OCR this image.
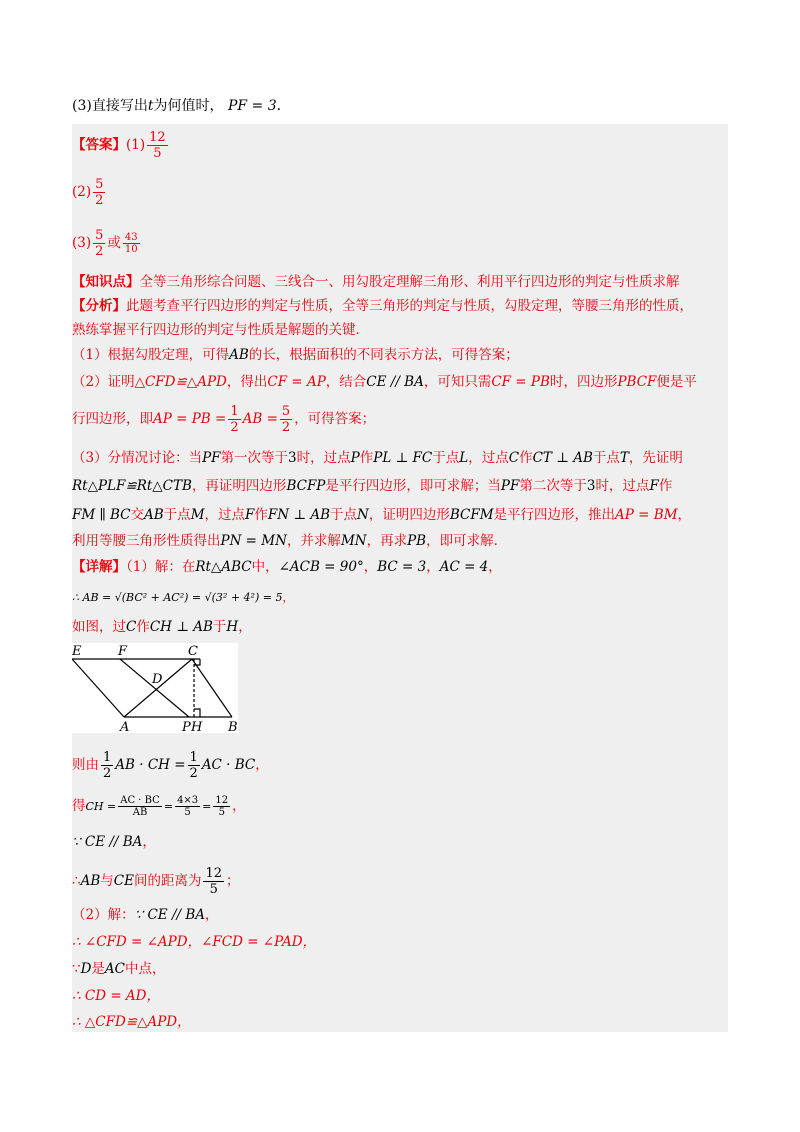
(3)直接写出t为何值时， PF = 3．
【答案】$(1) \frac{12}{5}$
$(2) \frac{5}{2}$
$(3) \frac{5}{2}$ 或 $\frac{43}{10}$
【知识点】全等三角形综合问题、三线合一、用勾股定理解三角形、利用平行四边形的判定与性质求解
【分析】此题考查平行四边形的判定与性质，全等三角形的判定与性质，勾股定理，等腰三角形的性质，
熟练掌握平行四边形的判定与性质是解题的关键．
（1）根据勾股定理，可得AB的长，根据面积的不同表示方法，可得答案；
（2）证明△CFD≌△APD，得出CF = AP，结合CE // BA，可知只需CF = PB时，四边形PBCF便是平
行四边形，即AP = PB = $\frac{1}{2}$ AB = $\frac{5}{2}$ ，可得答案；
（3）分情况讨论：当PF第一次等于3时，过点P作PL ⊥ FC于点L，过点C作CT ⊥ AB于点T，先证明
Rt△PLF≌Rt△CTB，再证明四边形BCFP是平行四边形，即可求解；当PF第二次等于3时，过点F作
FM ∥ BC交AB于点M，过点F作FN ⊥ AB于点N，证明四边形BCFM是平行四边形，推出AP = BM，
利用等腰三角形性质得出PN = MN，并求解MN，再求PB，即可求解．
【详解】（1）解：在Rt△ABC中，∠ACB = 90°，BC = 3，AC = 4，
∴ AB = √(BC² + AC²) = √(3² + 4²) = 5，
如图，过C作CH ⊥ AB于H，
E	F	C
D
A	P H B
则由 $\frac{1}{2}$ AB · CH = $\frac{1}{2}$ AC · BC，
得CH = $\frac{AC \cdot BC}{AB} = \frac{4\times 3}{5} = \frac{12}{5}$ ，
∵ CE // BA，
∴AB与CE间的距离为 $\frac{12}{5}$ ；
（2）解：∵ CE // BA，
∴ ∠CFD = ∠APD，∠FCD = ∠PAD，
∵D是AC中点，
∴ CD = AD，
∴ △CFD≌△APD，
